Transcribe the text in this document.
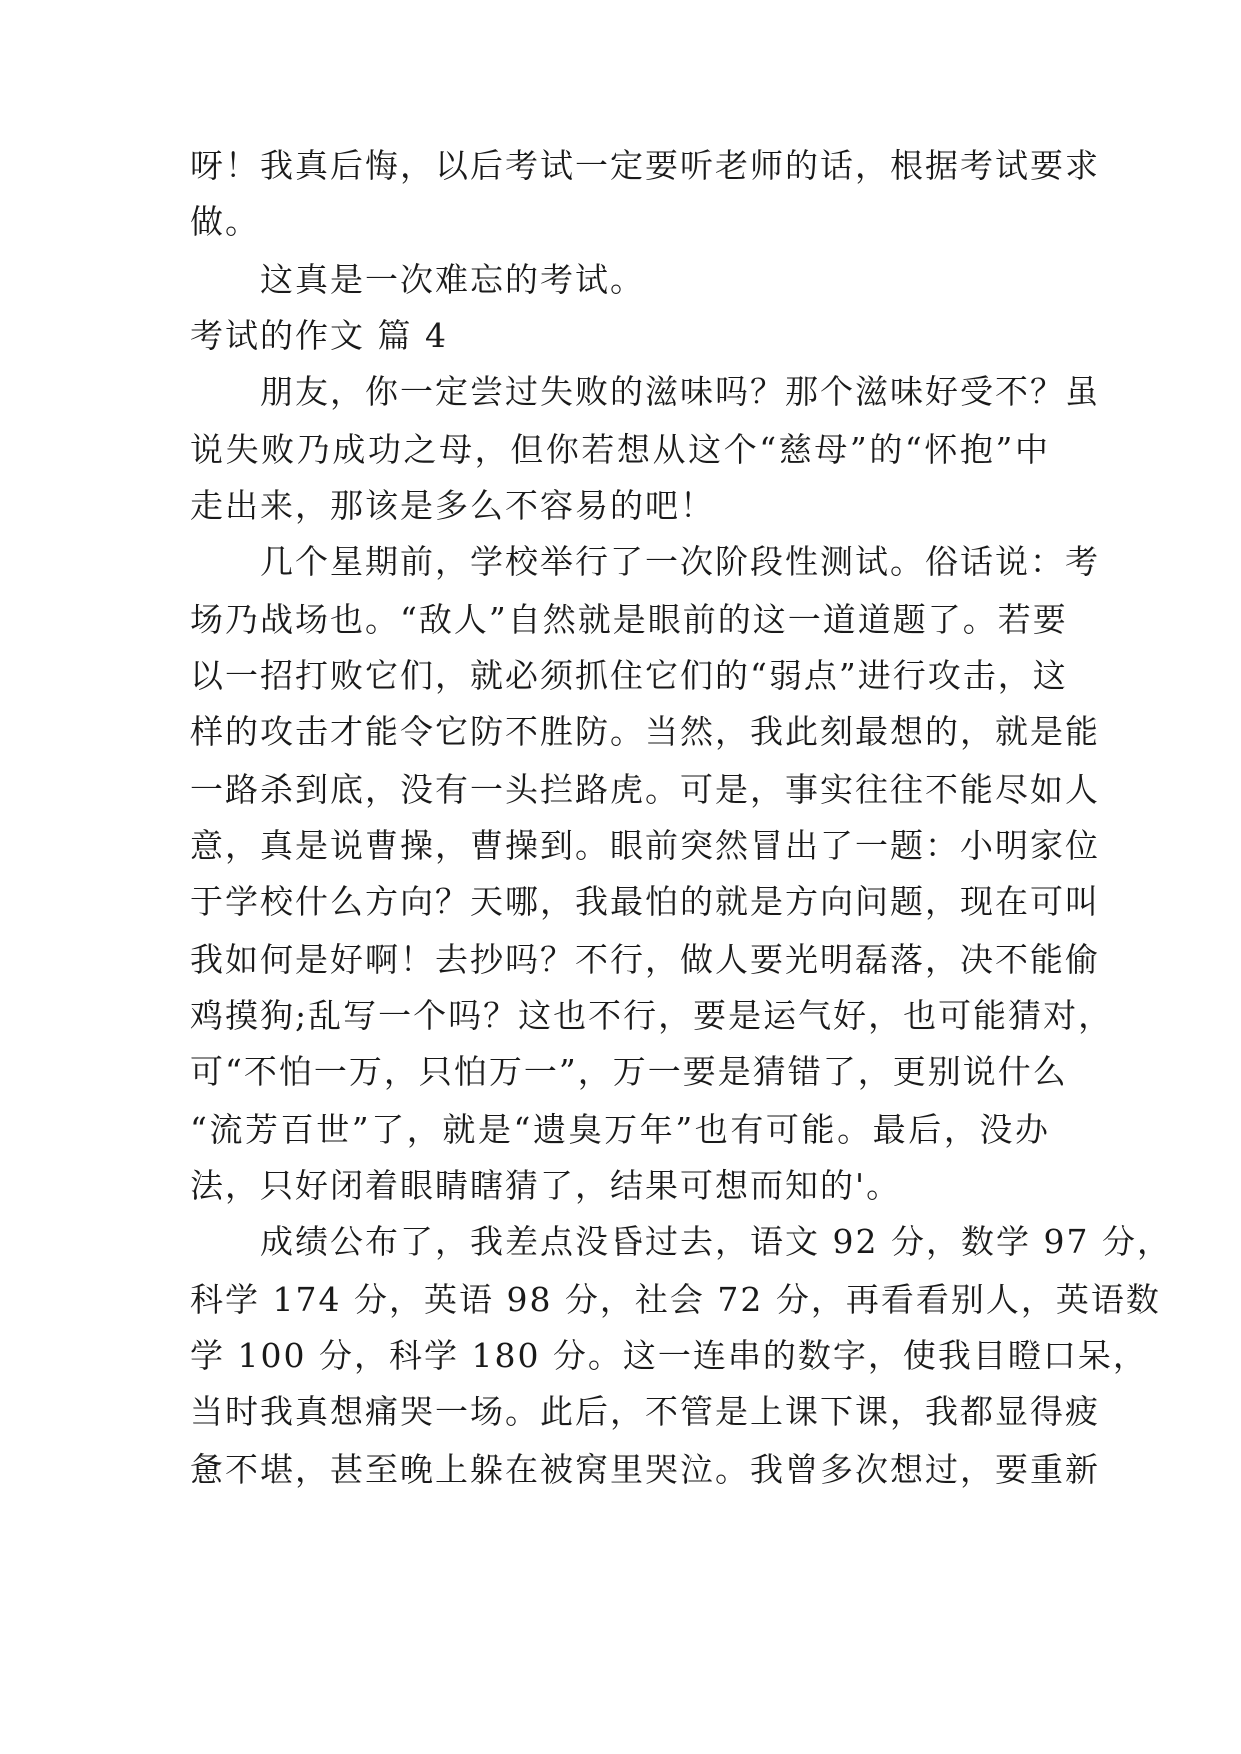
呀！我真后悔，以后考试一定要听老师的话，根据考试要求
做。
　　这真是一次难忘的考试。
考试的作文 篇 4
　　朋友，你一定尝过失败的滋味吗？那个滋味好受不？虽
说失败乃成功之母，但你若想从这个“慈母”的“怀抱”中
走出来，那该是多么不容易的吧！
　　几个星期前，学校举行了一次阶段性测试。俗话说：考
场乃战场也。“敌人”自然就是眼前的这一道道题了。若要
以一招打败它们，就必须抓住它们的“弱点”进行攻击，这
样的攻击才能令它防不胜防。当然，我此刻最想的，就是能
一路杀到底，没有一头拦路虎。可是，事实往往不能尽如人
意，真是说曹操，曹操到。眼前突然冒出了一题：小明家位
于学校什么方向？天哪，我最怕的就是方向问题，现在可叫
我如何是好啊！去抄吗？不行，做人要光明磊落，决不能偷
鸡摸狗;乱写一个吗？这也不行，要是运气好，也可能猜对，
可“不怕一万，只怕万一”，万一要是猜错了，更别说什么
“流芳百世”了，就是“遗臭万年”也有可能。最后，没办
法，只好闭着眼睛瞎猜了，结果可想而知的'。
　　成绩公布了，我差点没昏过去，语文 92 分，数学 97 分，
科学 174 分，英语 98 分，社会 72 分，再看看别人，英语数
学 100 分，科学 180 分。这一连串的数字，使我目瞪口呆，
当时我真想痛哭一场。此后，不管是上课下课，我都显得疲
惫不堪，甚至晚上躲在被窝里哭泣。我曾多次想过，要重新
